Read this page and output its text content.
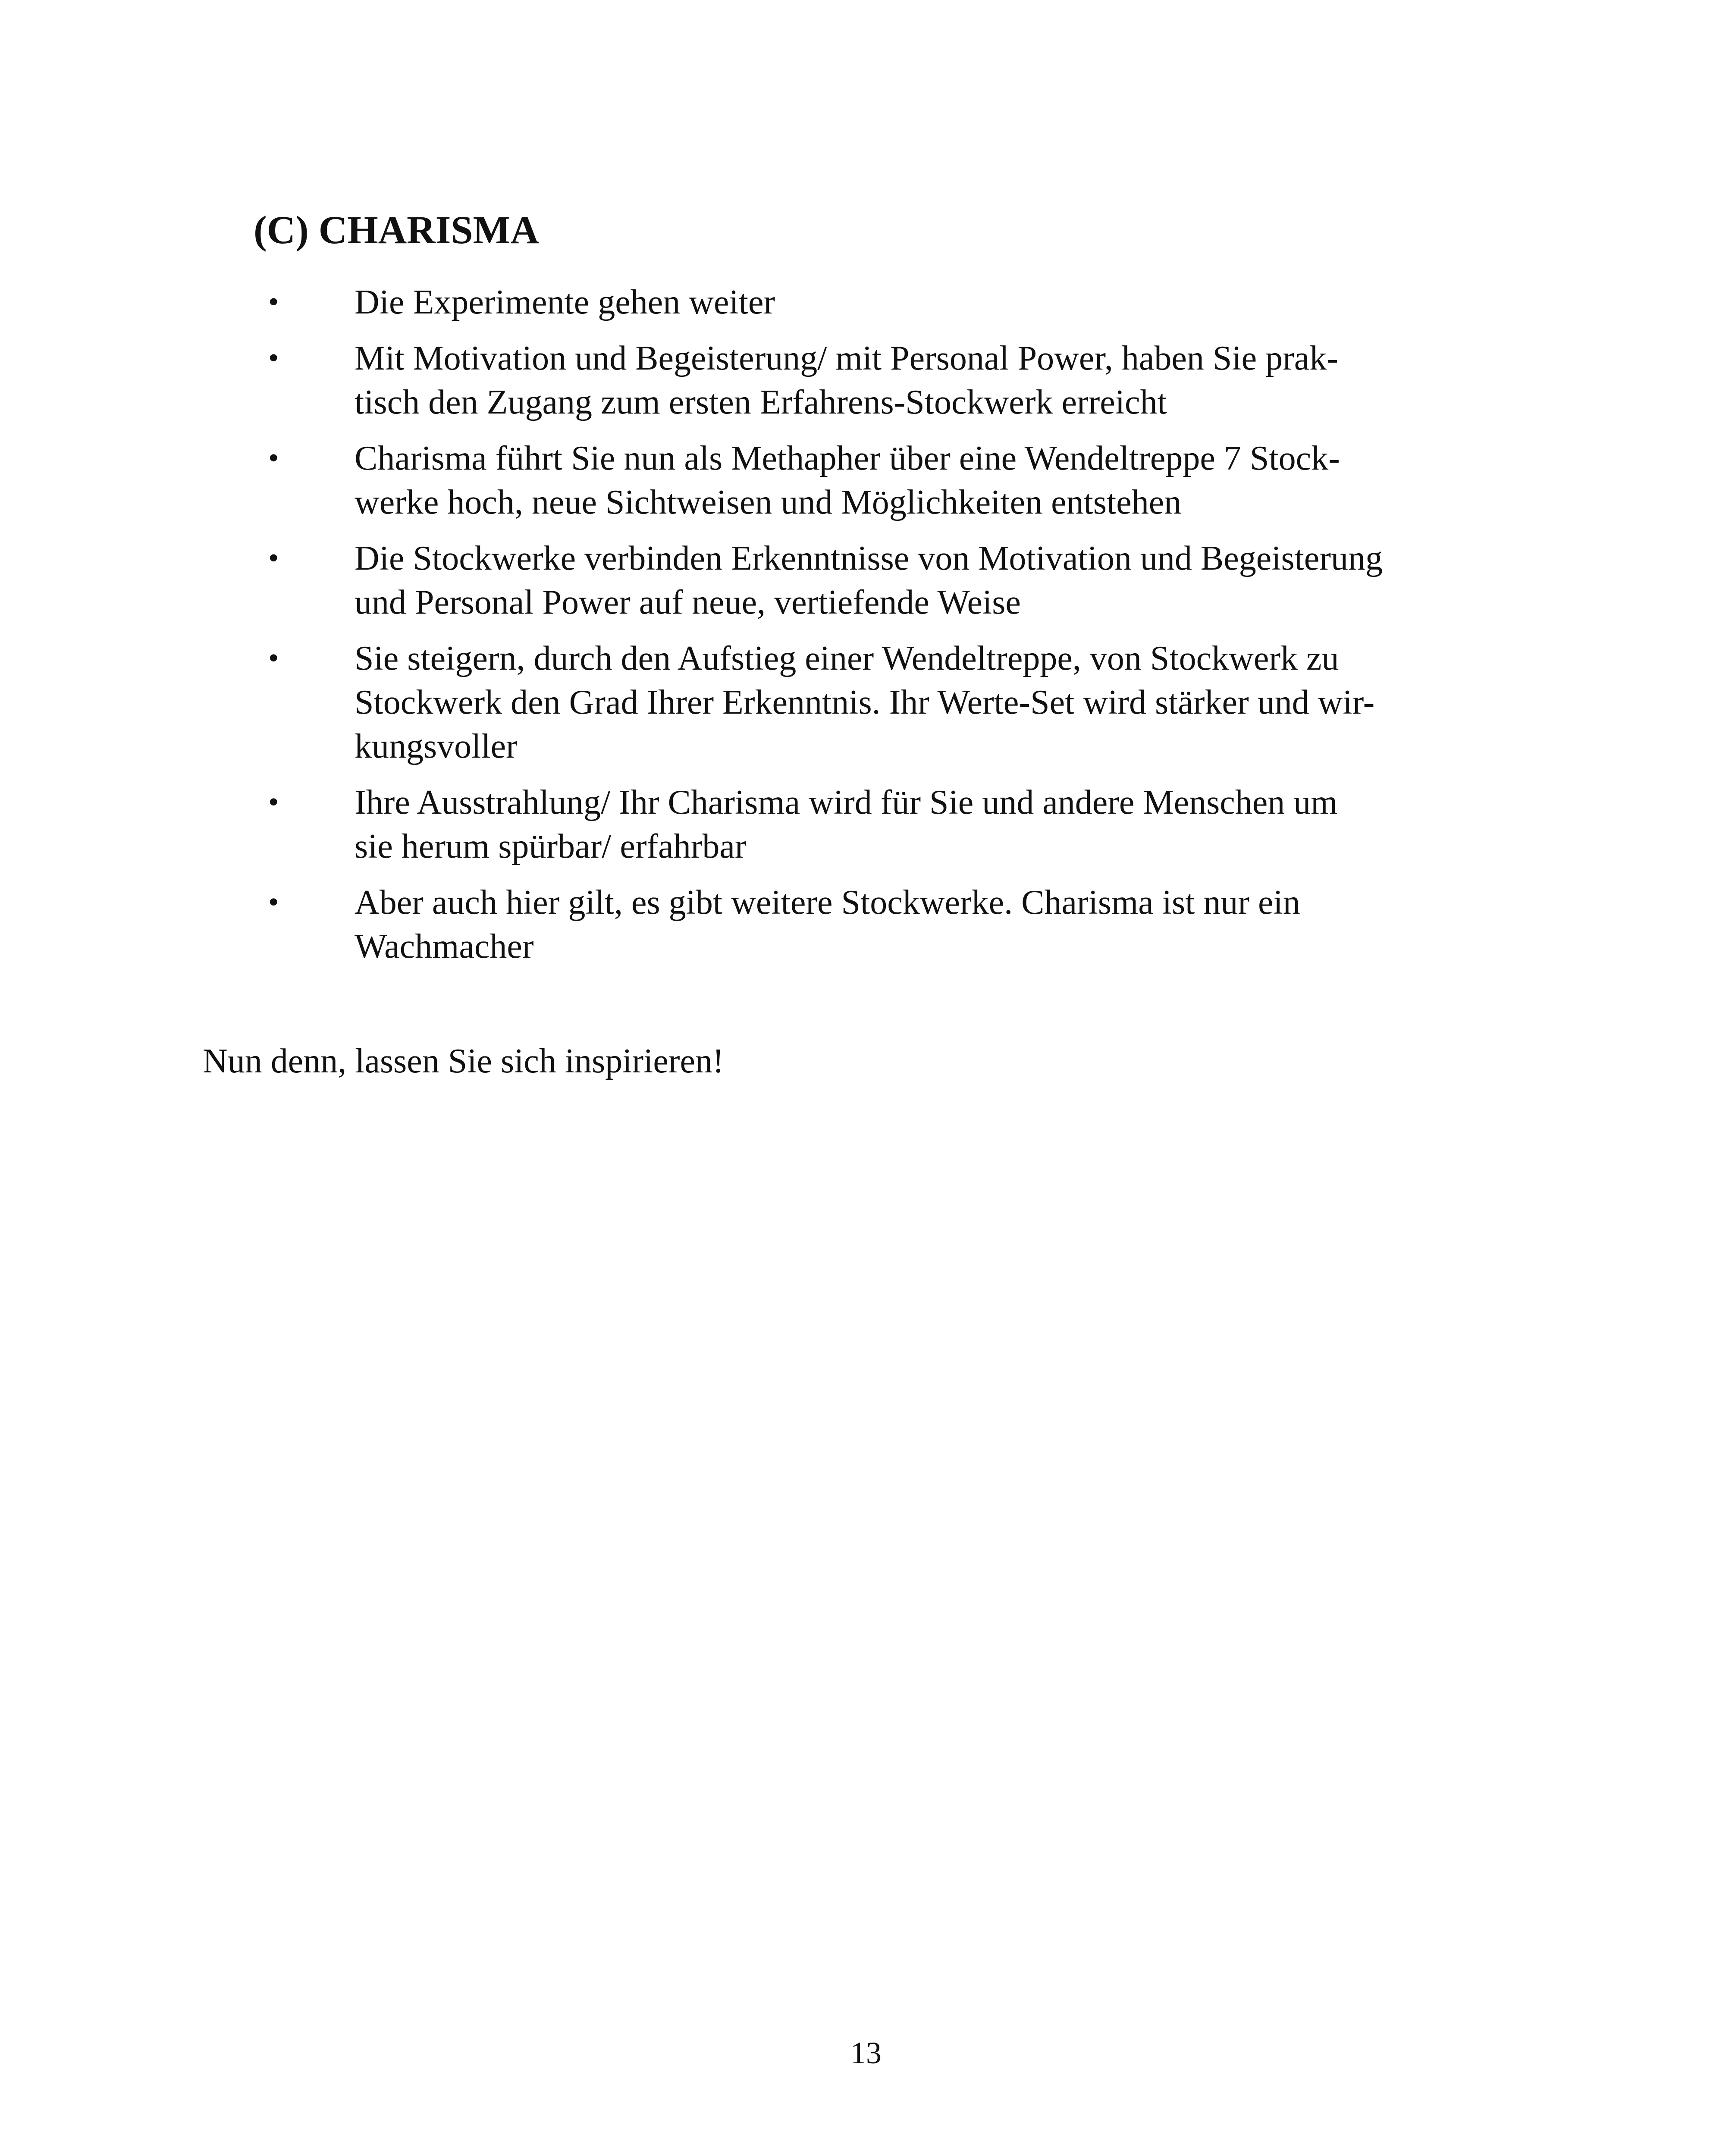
(C) CHARISMA
•	Die Experimente gehen weiter
•	Mit Motivation und Begeisterung/ mit Personal Power, haben Sie prak-
tisch den Zugang zum ersten Erfahrens-Stockwerk erreicht
•	Charisma führt Sie nun als Methapher über eine Wendeltreppe 7 Stock-
werke hoch, neue Sichtweisen und Möglichkeiten entstehen
•	Die Stockwerke verbinden Erkenntnisse von Motivation und Begeisterung
und Personal Power auf neue, vertiefende Weise
•	Sie steigern, durch den Aufstieg einer Wendeltreppe, von Stockwerk zu
Stockwerk den Grad Ihrer Erkenntnis. Ihr Werte-Set wird stärker und wir-
kungsvoller
•	Ihre Ausstrahlung/ Ihr Charisma wird für Sie und andere Menschen um
sie herum spürbar/ erfahrbar
•	Aber auch hier gilt, es gibt weitere Stockwerke. Charisma ist nur ein
Wachmacher

Nun denn, lassen Sie sich inspirieren!

13
